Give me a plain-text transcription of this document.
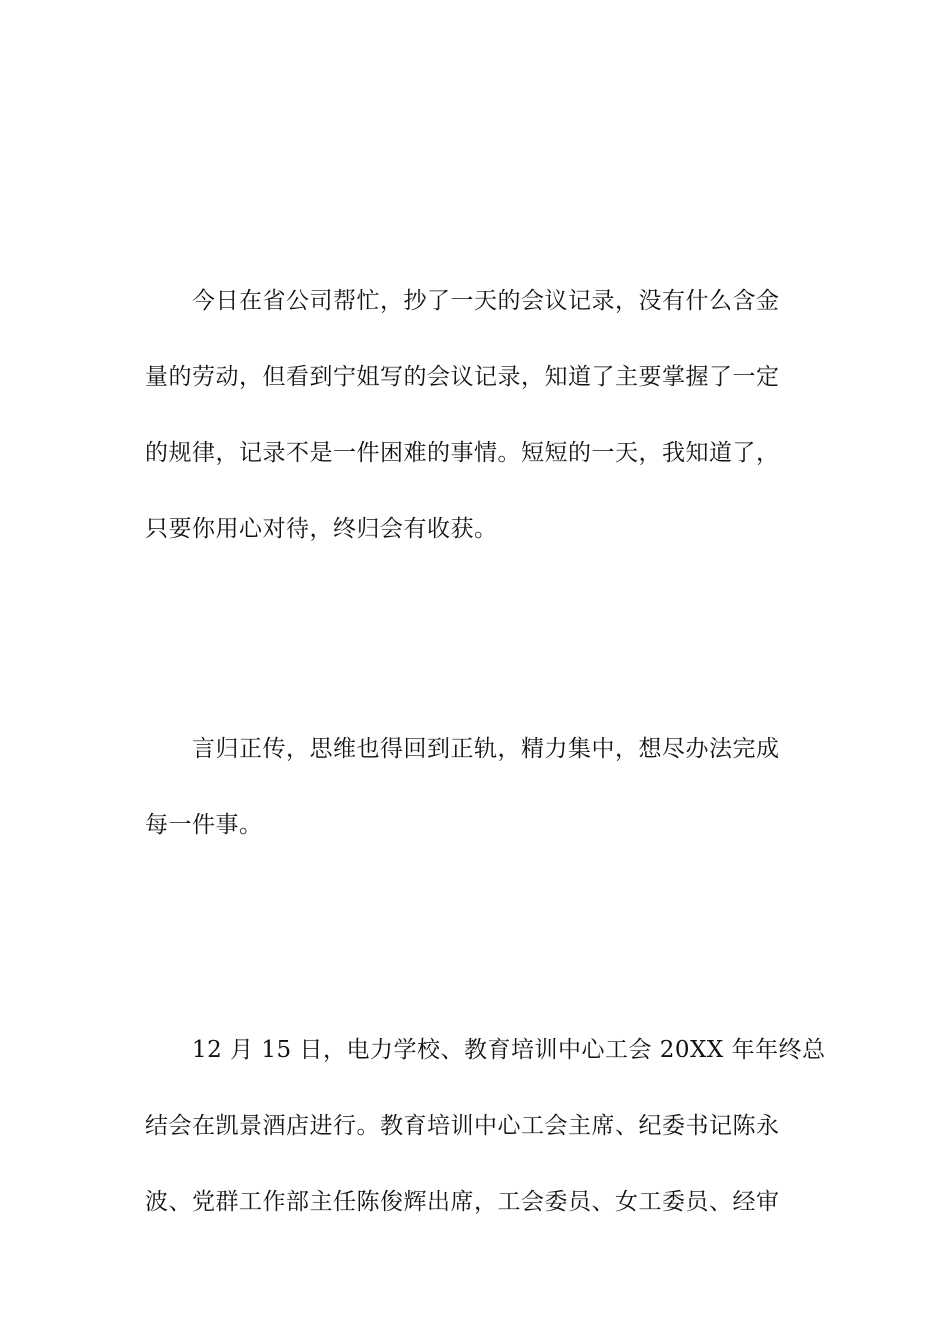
今日在省公司帮忙，抄了一天的会议记录，没有什么含金
量的劳动，但看到宁姐写的会议记录，知道了主要掌握了一定
的规律，记录不是一件困难的事情。短短的一天，我知道了，
只要你用心对待，终归会有收获。
言归正传，思维也得回到正轨，精力集中，想尽办法完成
每一件事。
12 月 15 日，电力学校、教育培训中心工会 20XX 年年终总
结会在凯景酒店进行。教育培训中心工会主席、纪委书记陈永
波、党群工作部主任陈俊辉出席，工会委员、女工委员、经审
